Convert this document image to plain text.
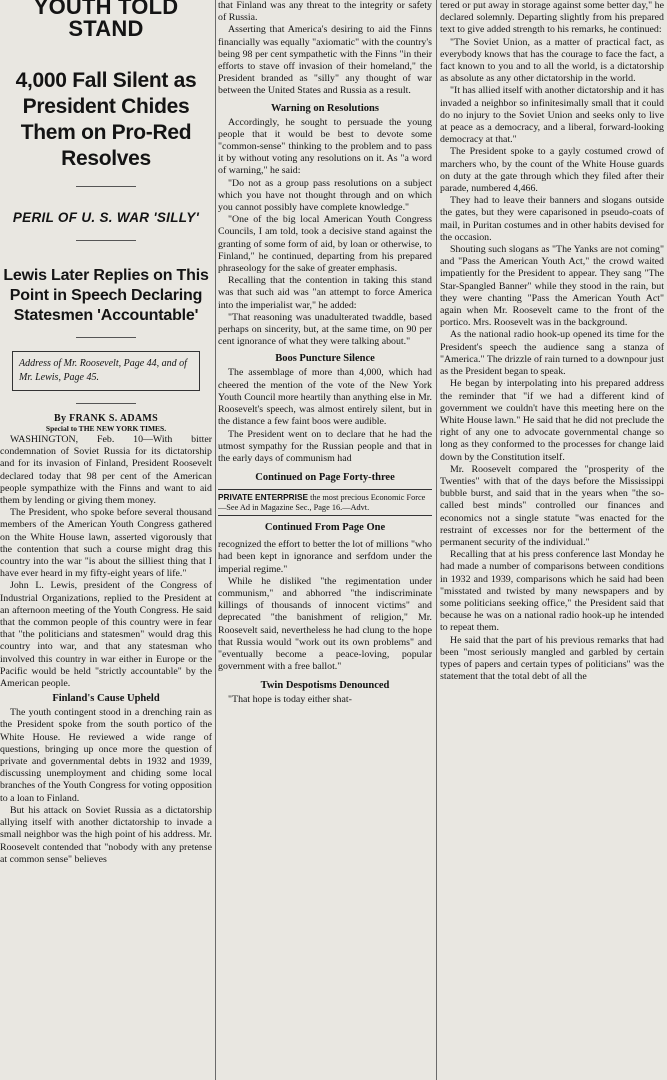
YOUTH TOLD STAND
4,000 Fall Silent as President Chides Them on Pro-Red Resolves
PERIL OF U. S. WAR 'SILLY'
Lewis Later Replies on This Point in Speech Declaring Statesmen 'Accountable'
Address of Mr. Roosevelt, Page 44, and of Mr. Lewis, Page 45.
By FRANK S. ADAMS
Special to THE NEW YORK TIMES.
WASHINGTON, Feb. 10—With bitter condemnation of Soviet Russia for its dictatorship and for its invasion of Finland, President Roosevelt declared today that 98 per cent of the American people sympathize with the Finns and want to aid them by lending or giving them money.
The President, who spoke before several thousand members of the American Youth Congress gathered on the White House lawn, asserted vigorously that the contention that such a course might drag this country into the war "is about the silliest thing that I have ever heard in my fifty-eight years of life."
John L. Lewis, president of the Congress of Industrial Organizations, replied to the President at an afternoon meeting of the Youth Congress. He said that the common people of this country were in fear that "the politicians and statesmen" would drag this country into war, and that any statesman who involved this country in war either in Europe or the Pacific would be held "strictly accountable" by the American people.
Finland's Cause Upheld
The youth contingent stood in a drenching rain as the President spoke from the south portico of the White House. He reviewed a wide range of questions, bringing up once more the question of private and governmental debts in 1932 and 1939, discussing unemployment and chiding some local branches of the Youth Congress for voting opposition to a loan to Finland.
But his attack on Soviet Russia as a dictatorship allying itself with another dictatorship to invade a small neighbor was the high point of his address. Mr. Roosevelt contended that "nobody with any pretense at common sense" believes
that Finland was any threat to the integrity or safety of Russia.
Asserting that America's desiring to aid the Finns financially was equally "axiomatic" with the country's being 98 per cent sympathetic with the Finns "in their efforts to stave off invasion of their homeland," the President branded as "silly" any thought of war between the United States and Russia as a result.
Warning on Resolutions
Accordingly, he sought to persuade the young people that it would be best to devote some "common-sense" thinking to the problem and to pass it by without voting any resolutions on it. As "a word of warning," he said:
"Do not as a group pass resolutions on a subject which you have not thought through and on which you cannot possibly have complete knowledge."
"One of the big local American Youth Congress Councils, I am told, took a decisive stand against the granting of some form of aid, by loan or otherwise, to Finland," he continued, departing from his prepared phraseology for the sake of greater emphasis.
Recalling that the contention in taking this stand was that such aid was "an attempt to force America into the imperialist war," he added:
"That reasoning was unadulterated twaddle, based perhaps on sincerity, but, at the same time, on 90 per cent ignorance of what they were talking about."
Boos Puncture Silence
The assemblage of more than 4,000, which had cheered the mention of the vote of the New York Youth Council more heartily than anything else in Mr. Roosevelt's speech, was almost entirely silent, but in the distance a few faint boos were audible.
The President went on to declare that he had the utmost sympathy for the Russian people and that in the early days of communism had
Continued on Page Forty-three
PRIVATE ENTERPRISE the most precious Economic Force—See Ad in Magazine Sec., Page 16.—Advt.
Continued From Page One
recognized the effort to better the lot of millions "who had been kept in ignorance and serfdom under the imperial regime."
While he disliked "the regimentation under communism," and abhorred "the indiscriminate killings of thousands of innocent victims" and deprecated "the banishment of religion," Mr. Roosevelt said, nevertheless he had clung to the hope that Russia would "work out its own problems" and "eventually become a peace-loving, popular government with a free ballot."
Twin Despotisms Denounced
"That hope is today either shat-
tered or put away in storage against some better day," he declared solemnly. Departing slightly from his prepared text to give added strength to his remarks, he continued:
"The Soviet Union, as a matter of practical fact, as everybody knows that has the courage to face the fact, a fact known to you and to all the world, is a dictatorship as absolute as any other dictatorship in the world.
"It has allied itself with another dictatorship and it has invaded a neighbor so infinitesimally small that it could do no injury to the Soviet Union and seeks only to live at peace as a democracy, and a liberal, forward-looking democracy at that."
The President spoke to a gayly costumed crowd of marchers who, by the count of the White House guards on duty at the gate through which they filed after their parade, numbered 4,466.
They had to leave their banners and slogans outside the gates, but they were caparisoned in pseudo-coats of mail, in Puritan costumes and in other habits devised for the occasion.
Shouting such slogans as "The Yanks are not coming" and "Pass the American Youth Act," the crowd waited impatiently for the President to appear. They sang "The Star-Spangled Banner" while they stood in the rain, but they were chanting "Pass the American Youth Act" again when Mr. Roosevelt came to the front of the portico. Mrs. Roosevelt was in the background.
As the national radio hook-up opened its time for the President's speech the audience sang a stanza of "America." The drizzle of rain turned to a downpour just as the President began to speak.
He began by interpolating into his prepared address the reminder that "if we had a different kind of government we couldn't have this meeting here on the White House lawn." He said that he did not preclude the right of any one to advocate governmental change so long as they conformed to the processes for change laid down by the Constitution itself.
Mr. Roosevelt compared the "prosperity of the Twenties" with that of the days before the Mississippi bubble burst, and said that in the years when "the so-called best minds" controlled our finances and economics not a single statute "was enacted for the restraint of excesses nor for the betterment of the permanent security of the individual."
Recalling that at his press conference last Monday he had made a number of comparisons between conditions in 1932 and 1939, comparisons which he said had been "misstated and twisted by many newspapers and by some politicians seeking office," the President said that because he was on a national radio hook-up he intended to repeat them.
He said that the part of his previous remarks that had been "most seriously mangled and garbled by certain types of papers and certain types of politicians" was the statement that the total debt of all the
